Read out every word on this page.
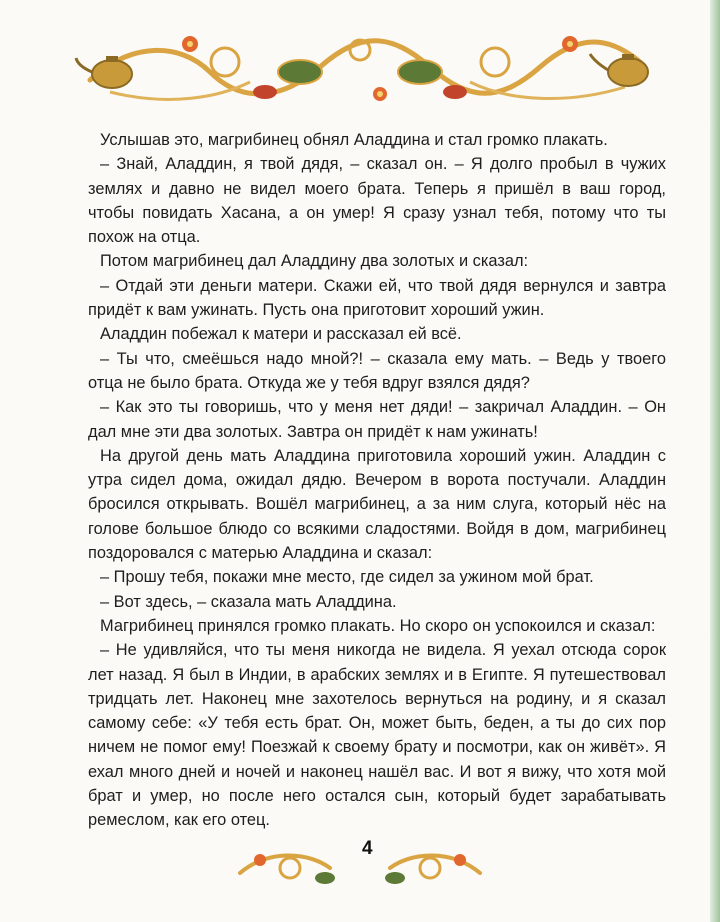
Услышав это, магрибинец обнял Аладдина и стал громко плакать.

– Знай, Аладдин, я твой дядя, – сказал он. – Я долго пробыл в чужих землях и давно не видел моего брата. Теперь я пришёл в ваш город, чтобы повидать Хасана, а он умер! Я сразу узнал тебя, потому что ты похож на отца.

Потом магрибинец дал Аладдину два золотых и сказал:

– Отдай эти деньги матери. Скажи ей, что твой дядя вернулся и завтра придёт к вам ужинать. Пусть она приготовит хороший ужин.

Аладдин побежал к матери и рассказал ей всё.

– Ты что, смеёшься надо мной?! – сказала ему мать. – Ведь у твоего отца не было брата. Откуда же у тебя вдруг взялся дядя?

– Как это ты говоришь, что у меня нет дяди! – закричал Аладдин. – Он дал мне эти два золотых. Завтра он придёт к нам ужинать!

На другой день мать Аладдина приготовила хороший ужин. Аладдин с утра сидел дома, ожидал дядю. Вечером в ворота постучали. Аладдин бросился открывать. Вошёл магрибинец, а за ним слуга, который нёс на голове большое блюдо со всякими сладостями. Войдя в дом, магрибинец поздоровался с матерью Аладдина и сказал:

– Прошу тебя, покажи мне место, где сидел за ужином мой брат.

– Вот здесь, – сказала мать Аладдина.

Магрибинец принялся громко плакать. Но скоро он успокоился и сказал:

– Не удивляйся, что ты меня никогда не видела. Я уехал отсюда сорок лет назад. Я был в Индии, в арабских землях и в Египте. Я путешествовал тридцать лет. Наконец мне захотелось вернуться на родину, и я сказал самому себе: «У тебя есть брат. Он, может быть, беден, а ты до сих пор ничем не помог ему! Поезжай к своему брату и посмотри, как он живёт». Я ехал много дней и ночей и наконец нашёл вас. И вот я вижу, что хотя мой брат и умер, но после него остался сын, который будет зарабатывать ремеслом, как его отец.

4
